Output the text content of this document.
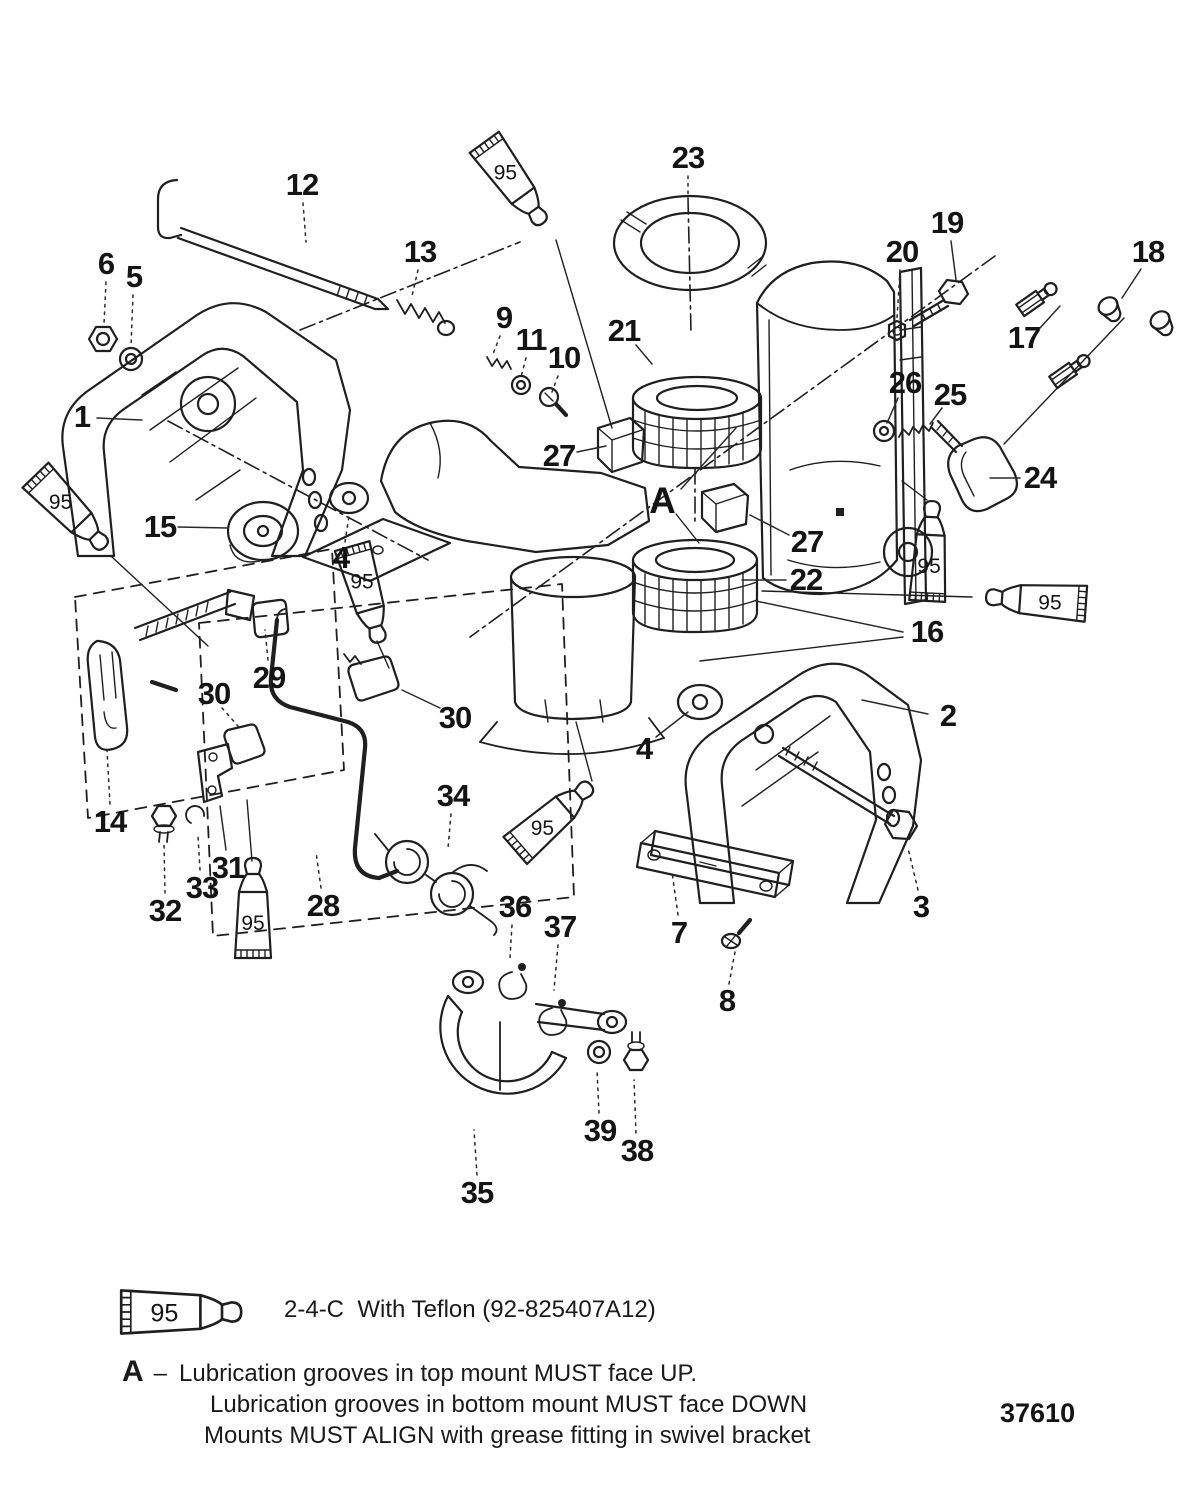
95
95
95
95
95
95
95
95
1
2
3
4
4
5
6
7
8
9
10
11
12
13
14
15
16
17
18
19
20
21
22
23
24
25
26
27
27
28
29
30
30
31
32
33
34
35
36
37
38
39
A
2-4-C  With Teflon (92-825407A12)
A – Lubrication grooves in top mount MUST face UP.
Lubrication grooves in bottom mount MUST face DOWN
Mounts MUST ALIGN with grease fitting in swivel bracket
37610
